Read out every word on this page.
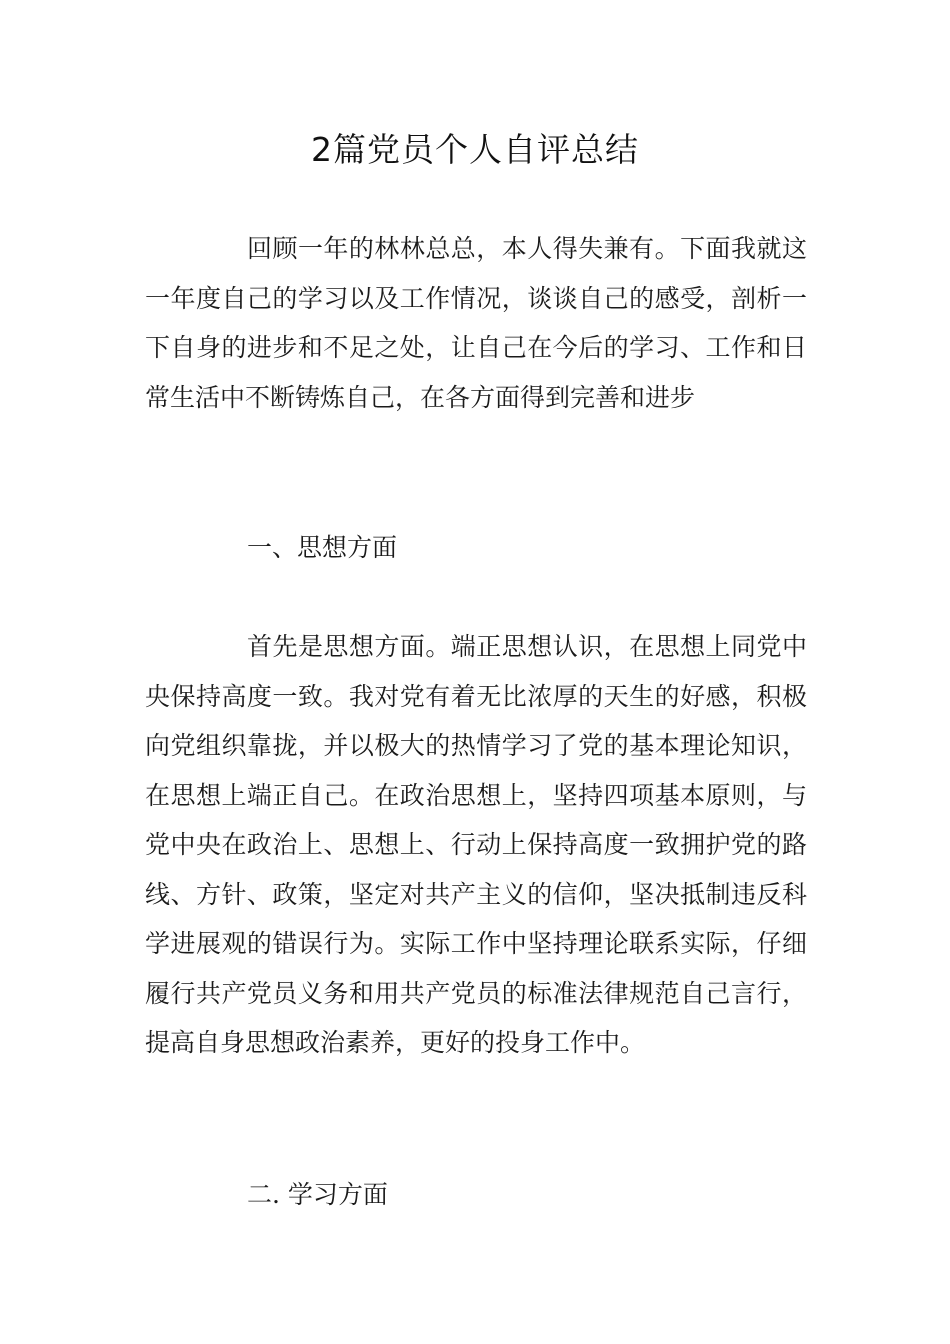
2篇党员个人自评总结

回顾一年的林林总总，本人得失兼有。下面我就这一年度自己的学习以及工作情况，谈谈自己的感受，剖析一下自身的进步和不足之处，让自己在今后的学习、工作和日常生活中不断铸炼自己，在各方面得到完善和进步

一、思想方面

首先是思想方面。端正思想认识，在思想上同党中央保持高度一致。我对党有着无比浓厚的天生的好感，积极向党组织靠拢，并以极大的热情学习了党的基本理论知识，在思想上端正自己。在政治思想上，坚持四项基本原则，与党中央在政治上、思想上、行动上保持高度一致拥护党的路线、方针、政策，坚定对共产主义的信仰，坚决抵制违反科学进展观的错误行为。实际工作中坚持理论联系实际，仔细履行共产党员义务和用共产党员的标准法律规范自己言行，提高自身思想政治素养，更好的投身工作中。

二. 学习方面
